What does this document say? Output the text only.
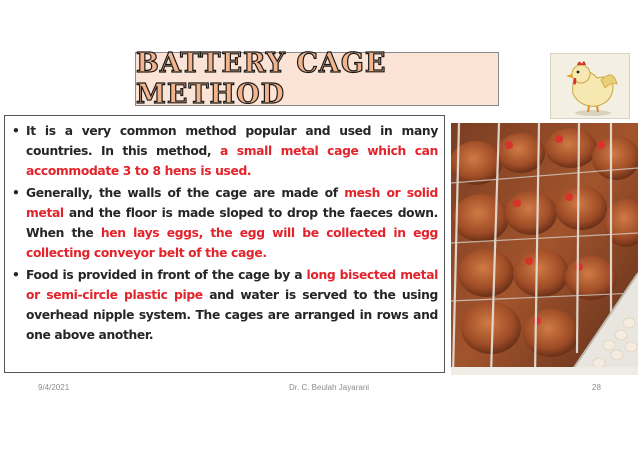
BATTERY CAGE METHOD
• It is a very common method popular and used in many countries. In this method, a small metal cage which can accommodate 3 to 8 hens is used.
• Generally, the walls of the cage are made of mesh or solid metal and the floor is made sloped to drop the faeces down. When the hen lays eggs, the egg will be collected in egg collecting conveyor belt of the cage.
• Food is provided in front of the cage by a long bisected metal or semi-circle plastic pipe and water is served to the using overhead nipple system. The cages are arranged in rows and one above another.
9/4/2021	Dr. C. Beulah Jayarani	28
